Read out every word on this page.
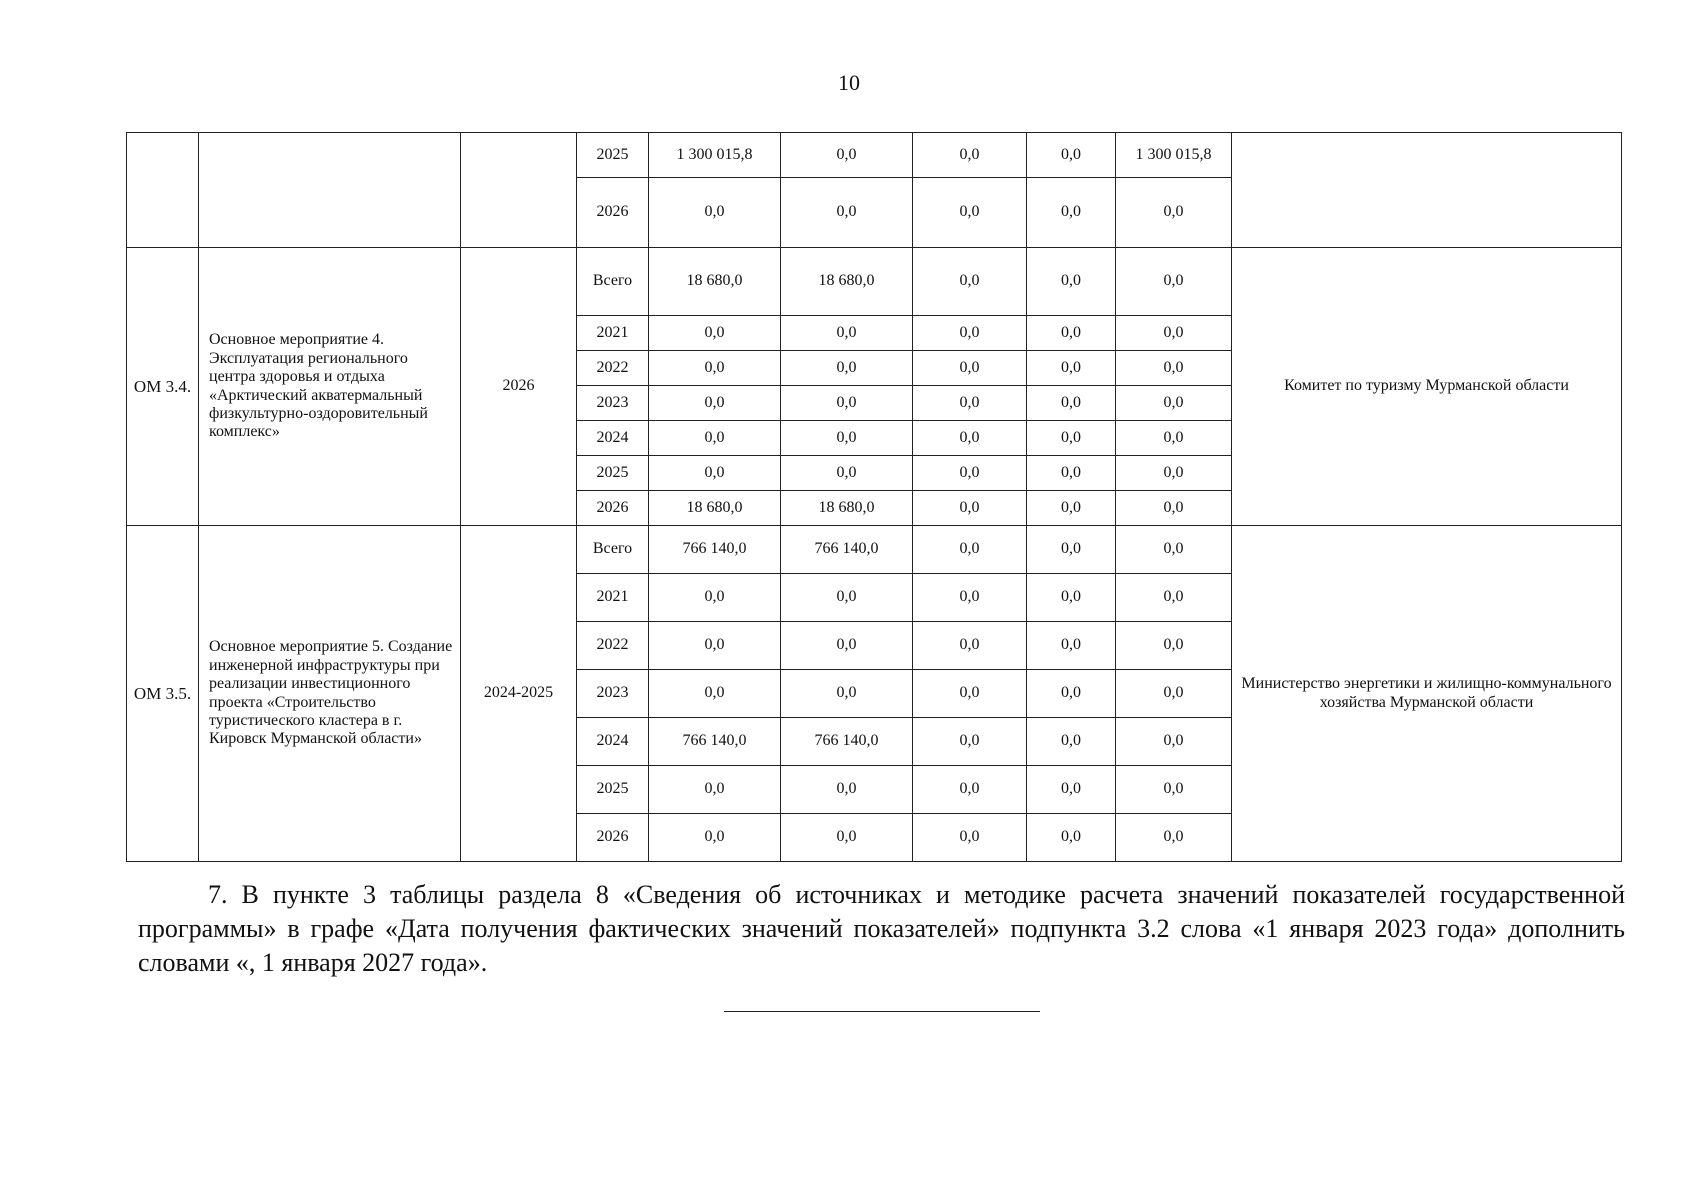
10
			2025	1 300 015,8	0,0	0,0	0,0	1 300 015,8	
			2026	0,0	0,0	0,0	0,0	0,0	
ОМ 3.4.	Основное мероприятие 4. Эксплуатация регионального центра здоровья и отдыха «Арктический акватермальный физкультурно-оздоровительный комплекс»	2026	Всего	18 680,0	18 680,0	0,0	0,0	0,0	Комитет по туризму Мурманской области
			2021	0,0	0,0	0,0	0,0	0,0	
			2022	0,0	0,0	0,0	0,0	0,0	
			2023	0,0	0,0	0,0	0,0	0,0	
			2024	0,0	0,0	0,0	0,0	0,0	
			2025	0,0	0,0	0,0	0,0	0,0	
			2026	18 680,0	18 680,0	0,0	0,0	0,0	
ОМ 3.5.	Основное мероприятие 5. Создание инженерной инфраструктуры при реализации инвестиционного проекта «Строительство туристического кластера в г. Кировск Мурманской области»	2024-2025	Всего	766 140,0	766 140,0	0,0	0,0	0,0	Министерство энергетики и жилищно-коммунального хозяйства Мурманской области
			2021	0,0	0,0	0,0	0,0	0,0	
			2022	0,0	0,0	0,0	0,0	0,0	
			2023	0,0	0,0	0,0	0,0	0,0	
			2024	766 140,0	766 140,0	0,0	0,0	0,0	
			2025	0,0	0,0	0,0	0,0	0,0	
			2026	0,0	0,0	0,0	0,0	0,0	
7. В пункте 3 таблицы раздела 8 «Сведения об источниках и методике расчета значений показателей государственной программы» в графе «Дата получения фактических значений показателей» подпункта 3.2 слова «1 января 2023 года» дополнить словами «, 1 января 2027 года».
